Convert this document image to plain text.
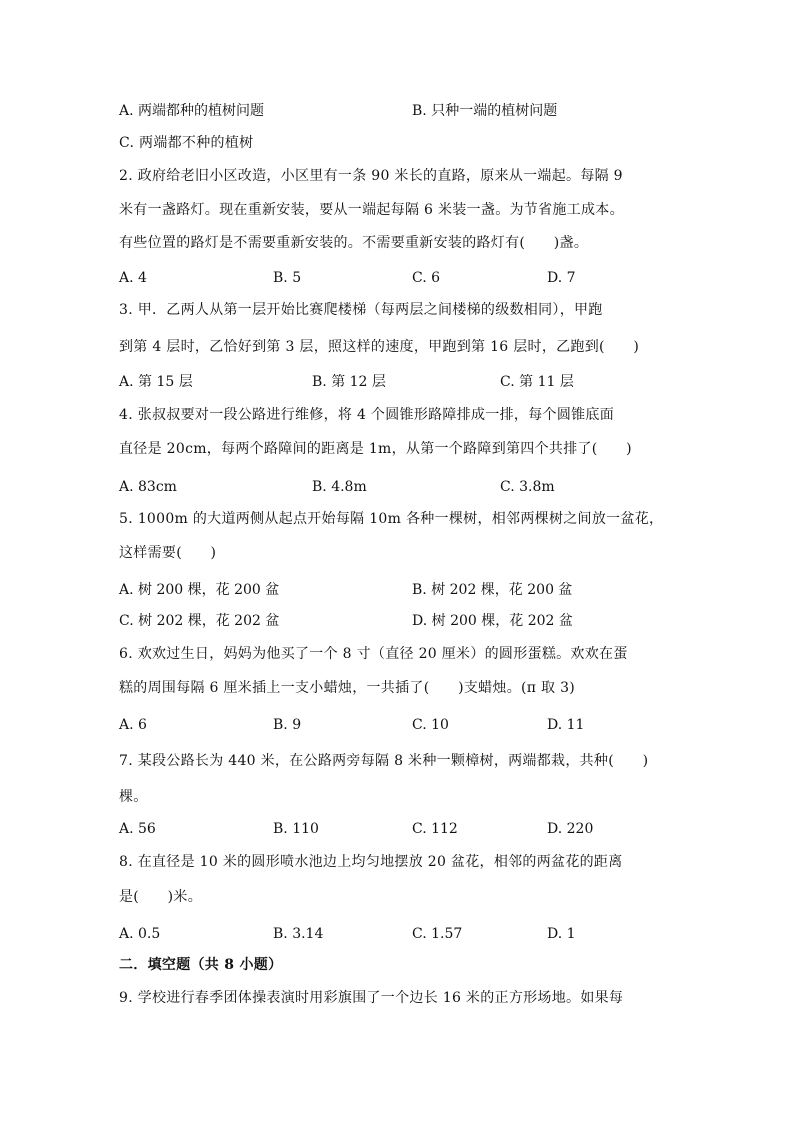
A. 两端都种的植树问题	B. 只种一端的植树问题
C. 两端都不种的植树
2. 政府给老旧小区改造，小区里有一条 90 米长的直路，原来从一端起。每隔 9
米有一盏路灯。现在重新安装，要从一端起每隔 6 米装一盏。为节省施工成本。
有些位置的路灯是不需要重新安装的。不需要重新安装的路灯有(　　)盏。
A. 4	B. 5	C. 6	D. 7
3. 甲．乙两人从第一层开始比赛爬楼梯（每两层之间楼梯的级数相同），甲跑
到第 4 层时，乙恰好到第 3 层，照这样的速度，甲跑到第 16 层时，乙跑到(　　)
A. 第 15 层	B. 第 12 层	C. 第 11 层
4. 张叔叔要对一段公路进行维修，将 4 个圆锥形路障排成一排，每个圆锥底面
直径是 20cm，每两个路障间的距离是 1m，从第一个路障到第四个共排了(　　)
A. 83cm	B. 4.8m	C. 3.8m
5. 1000m 的大道两侧从起点开始每隔 10m 各种一棵树，相邻两棵树之间放一盆花，
这样需要(　　)
A. 树 200 棵，花 200 盆	B. 树 202 棵，花 200 盆
C. 树 202 棵，花 202 盆	D. 树 200 棵，花 202 盆
6. 欢欢过生日，妈妈为他买了一个 8 寸（直径 20 厘米）的圆形蛋糕。欢欢在蛋
糕的周围每隔 6 厘米插上一支小蜡烛，一共插了(　　)支蜡烛。(π 取 3)
A. 6	B. 9	C. 10	D. 11
7. 某段公路长为 440 米，在公路两旁每隔 8 米种一颗樟树，两端都栽，共种(　　)
棵。
A. 56	B. 110	C. 112	D. 220
8. 在直径是 10 米的圆形喷水池边上均匀地摆放 20 盆花，相邻的两盆花的距离
是(　　)米。
A. 0.5	B. 3.14	C. 1.57	D. 1
二．填空题（共 8 小题）
9. 学校进行春季团体操表演时用彩旗围了一个边长 16 米的正方形场地。如果每
